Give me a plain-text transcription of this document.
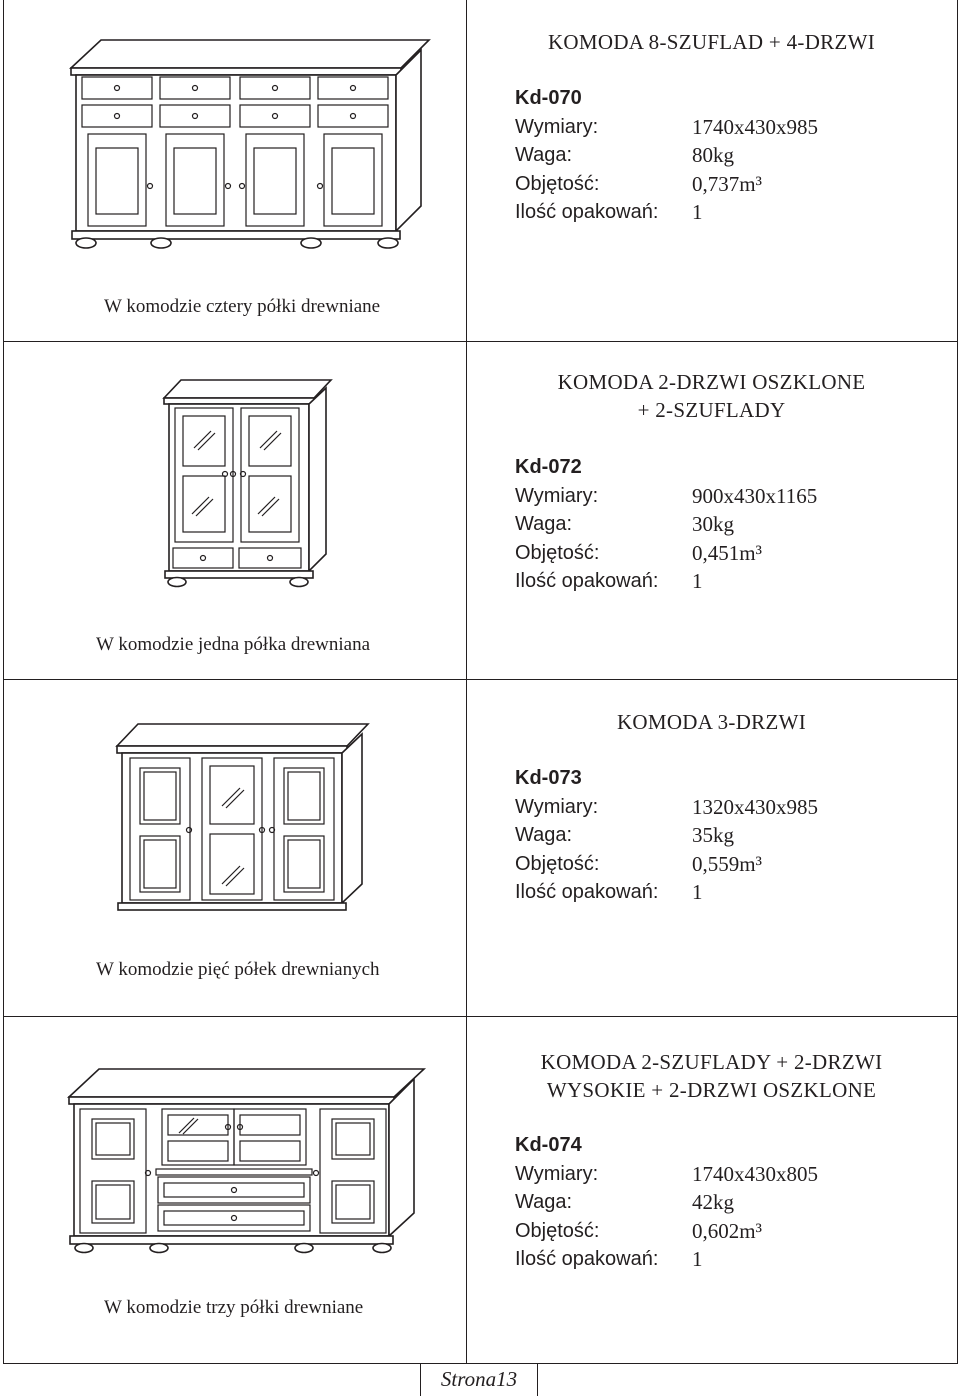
KOMODA 8-SZUFLAD + 4-DRZWI
Kd-070
Wymiary:	1740x430x985
Waga:	80kg
Objętość:	0,737m³
Ilość opakowań:	1
W komodzie cztery półki drewniane
KOMODA 2-DRZWI OSZKLONE
+ 2-SZUFLADY
Kd-072
Wymiary:	900x430x1165
Waga:	30kg
Objętość:	0,451m³
Ilość opakowań:	1
W komodzie jedna półka drewniana
KOMODA 3-DRZWI
Kd-073
Wymiary:	1320x430x985
Waga:	35kg
Objętość:	0,559m³
Ilość opakowań:	1
W komodzie pięć półek drewnianych
KOMODA 2-SZUFLADY + 2-DRZWI
WYSOKIE + 2-DRZWI OSZKLONE
Kd-074
Wymiary:	1740x430x805
Waga:	42kg
Objętość:	0,602m³
Ilość opakowań:	1
W komodzie trzy półki drewniane
Strona13
